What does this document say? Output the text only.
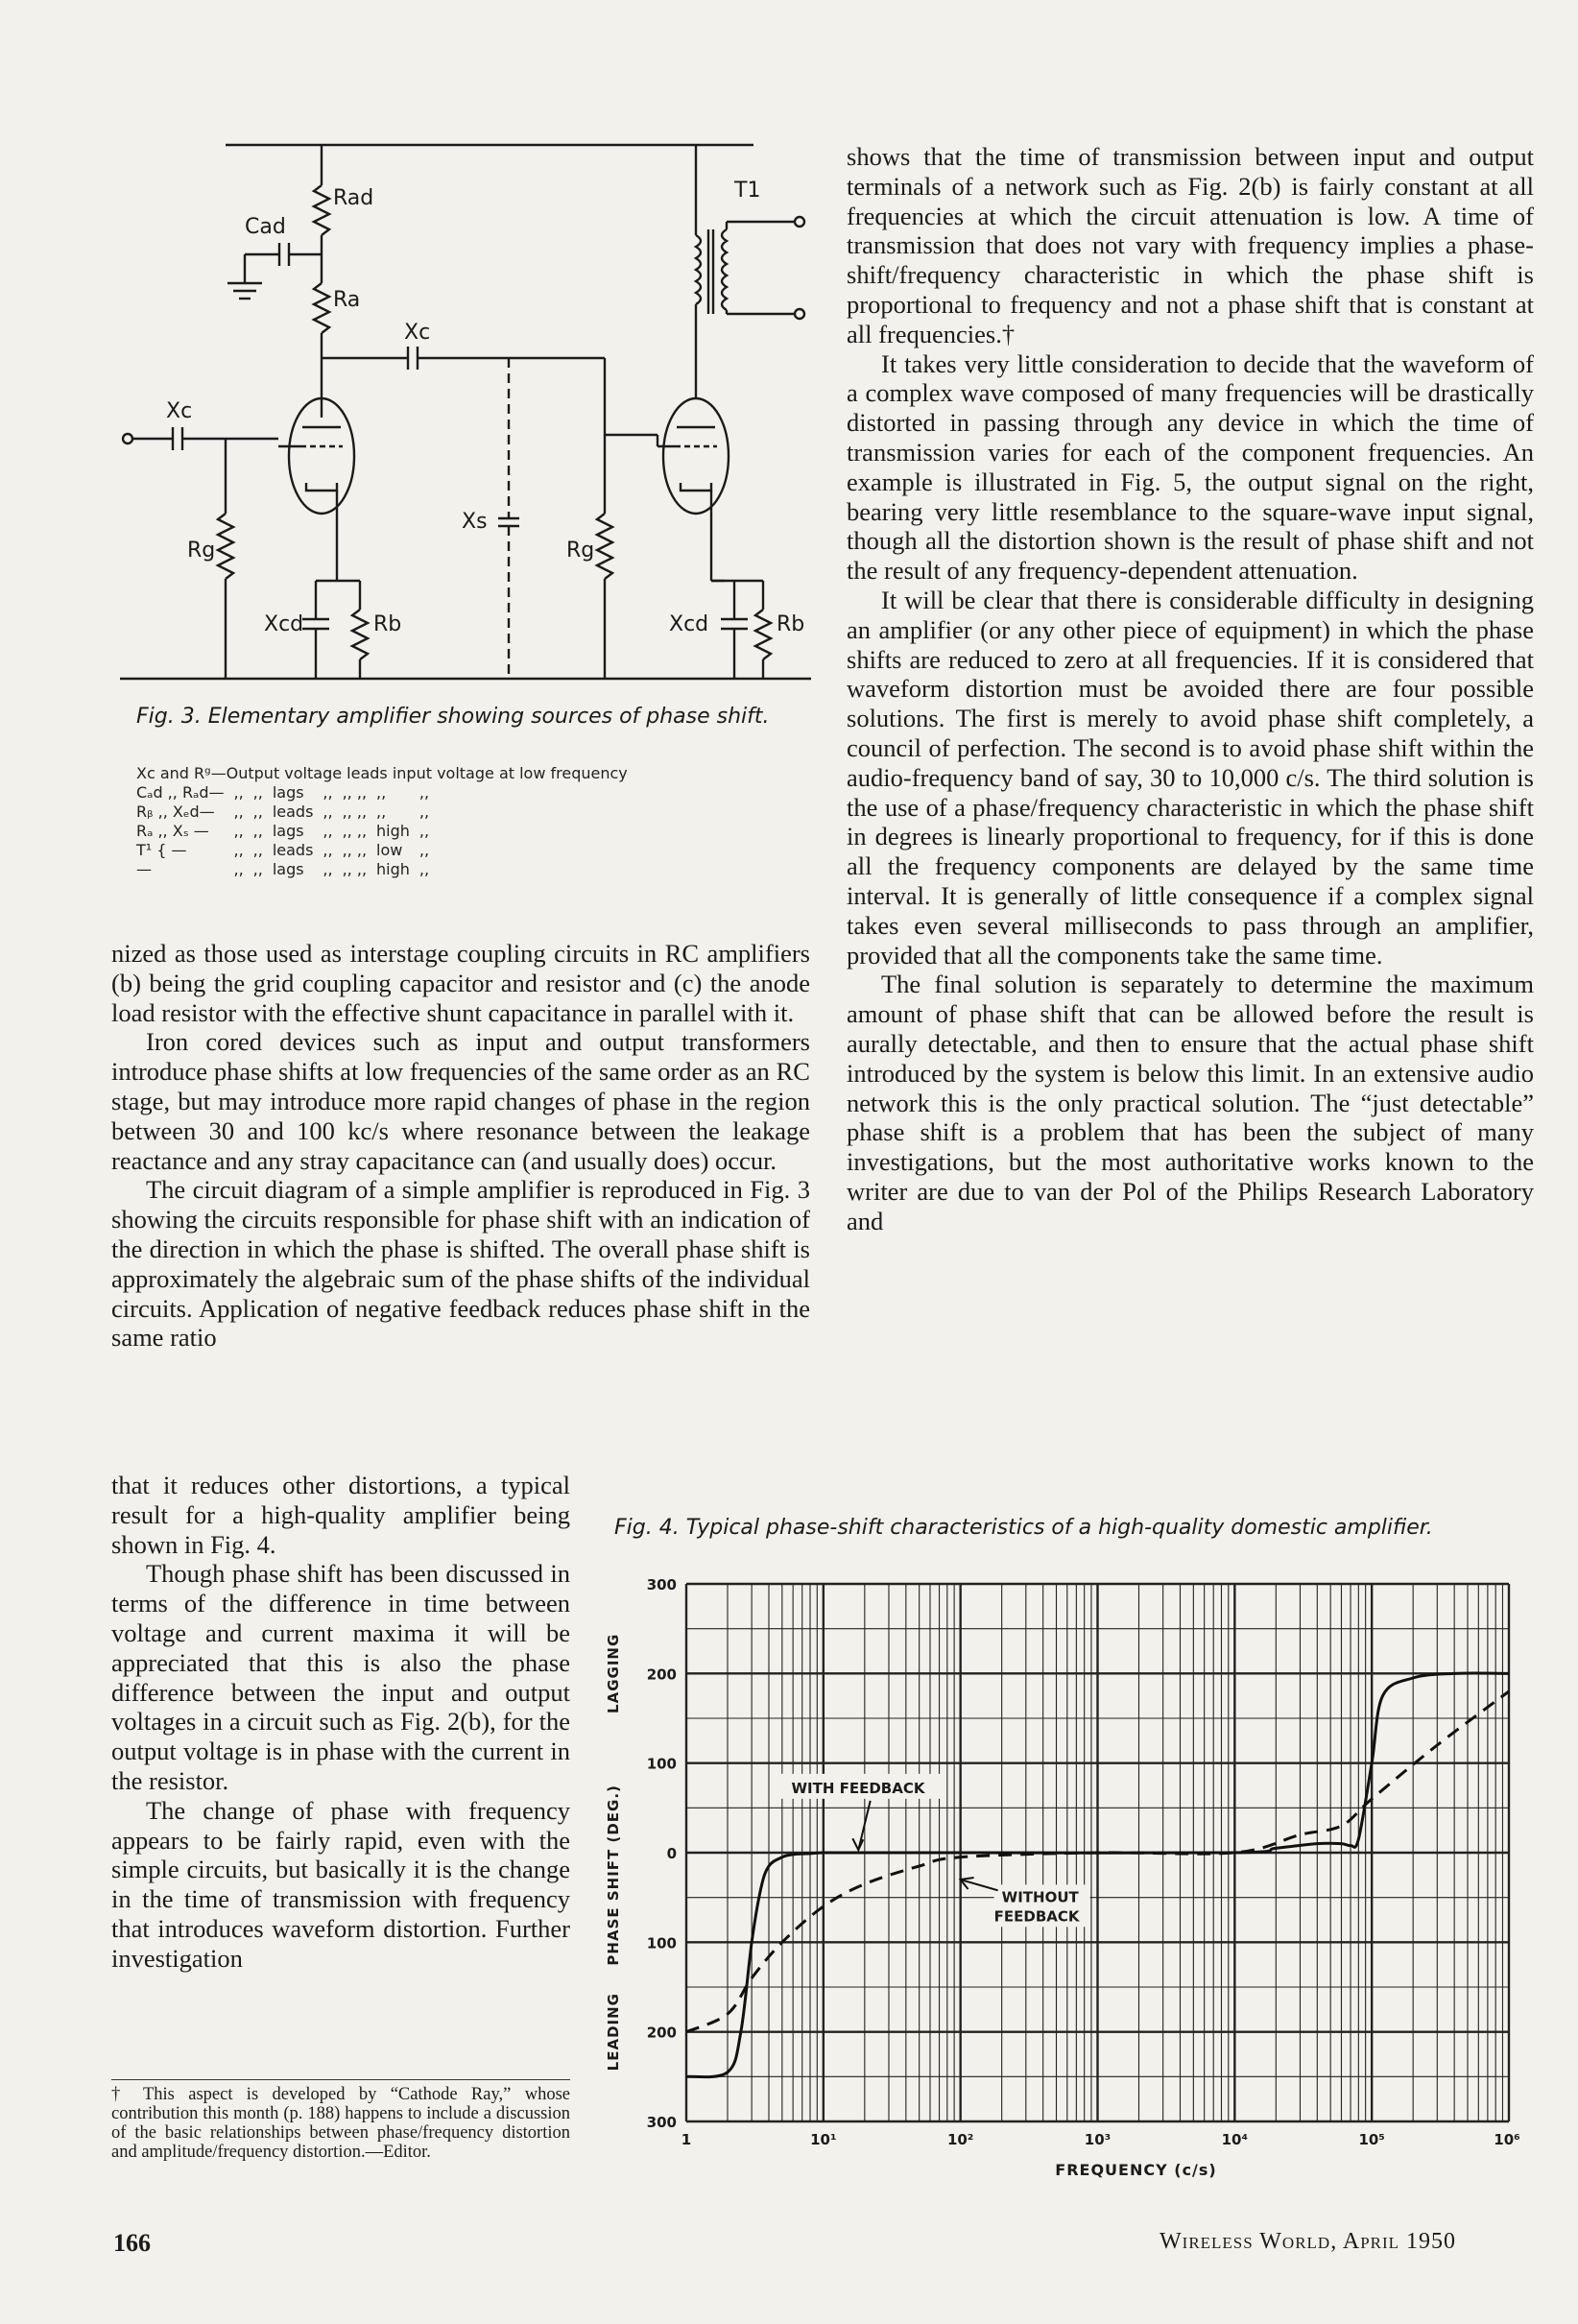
Rad
Cad
Ra
Xc
T1
Xc
Xs
Rg	Rg
Xcd	Rb	Xcd	Rb
Fig. 3. Elementary amplifier showing sources of phase shift.
Xᴄ and Rᵍ—Output voltage leads input voltage at low frequency
Cₐd ,, Rₐd—	,,	,,	lags	,,	,, ,,	,,	,,
Rᵦ ,, Xₑd—	,,	,,	leads	,,	,, ,,	,,	,,
Rₐ ,, Xₛ —	,,	,,	lags	,,	,, ,,	high	,,
T¹ { —	,,	,,	leads	,,	,, ,,	low	,,
—	,,	,,	lags	,,	,, ,,	high	,,

shows that the time of transmission between input and output terminals of a network such as Fig. 2(b) is fairly constant at all frequencies at which the circuit attenuation is low. A time of transmission that does not vary with frequency implies a phase-shift/frequency characteristic in which the phase shift is proportional to frequency and not a phase shift that is constant at all frequencies.†

It takes very little consideration to decide that the waveform of a complex wave composed of many frequencies will be drastically distorted in passing through any device in which the time of transmission varies for each of the component frequencies. An example is illustrated in Fig. 5, the output signal on the right, bearing very little resemblance to the square-wave input signal, though all the distortion shown is the result of phase shift and not the result of any frequency-dependent attenuation.

It will be clear that there is considerable difficulty in designing an amplifier (or any other piece of equipment) in which the phase shifts are reduced to zero at all frequencies. If it is considered that waveform distortion must be avoided there are four possible solutions. The first is merely to avoid phase shift completely, a council of perfection. The second is to avoid phase shift within the audio-frequency band of say, 30 to 10,000 c/s. The third solution is the use of a phase/frequency characteristic in which the phase shift in degrees is linearly proportional to frequency, for if this is done all the frequency components are delayed by the same time interval. It is generally of little consequence if a complex signal takes even several milliseconds to pass through an amplifier, provided that all the components take the same time.

The final solution is separately to determine the maximum amount of phase shift that can be allowed before the result is aurally detectable, and then to ensure that the actual phase shift introduced by the system is below this limit. In an extensive audio network this is the only practical solution. The “just detectable” phase shift is a problem that has been the subject of many investigations, but the most authoritative works known to the writer are due to van der Pol of the Philips Research Laboratory and

nized as those used as interstage coupling circuits in RC amplifiers (b) being the grid coupling capacitor and resistor and (c) the anode load resistor with the effective shunt capacitance in parallel with it.

Iron cored devices such as input and output transformers introduce phase shifts at low frequencies of the same order as an RC stage, but may introduce more rapid changes of phase in the region between 30 and 100 kc/s where resonance between the leakage reactance and any stray capacitance can (and usually does) occur.

The circuit diagram of a simple amplifier is reproduced in Fig. 3 showing the circuits responsible for phase shift with an indication of the direction in which the phase is shifted. The overall phase shift is approximately the algebraic sum of the phase shifts of the individual circuits. Application of negative feedback reduces phase shift in the same ratio

that it reduces other distortions, a typical result for a high-quality amplifier being shown in Fig. 4.

Though phase shift has been discussed in terms of the difference in time between voltage and current maxima it will be appreciated that this is also the phase difference between the input and output voltages in a circuit such as Fig. 2(b), for the output voltage is in phase with the current in the resistor.

The change of phase with frequency appears to be fairly rapid, even with the simple circuits, but basically it is the change in the time of transmission with frequency that introduces waveform distortion. Further investigation

† This aspect is developed by “Cathode Ray,” whose contribution this month (p. 188) happens to include a discussion of the basic relationships between phase/frequency distortion and amplitude/frequency distortion.—Editor.
Fig. 4. Typical phase-shift characteristics of a high-quality domestic amplifier.
300
200
100
0
100
200
300
1	10¹	10²	10³	10⁴	10⁵	10⁶
FREQUENCY (c/s)
PHASE SHIFT (DEG.)
LAGGING
LEADING
WITH FEEDBACK
WITHOUT
FEEDBACK
166	Wireless World, April 1950
